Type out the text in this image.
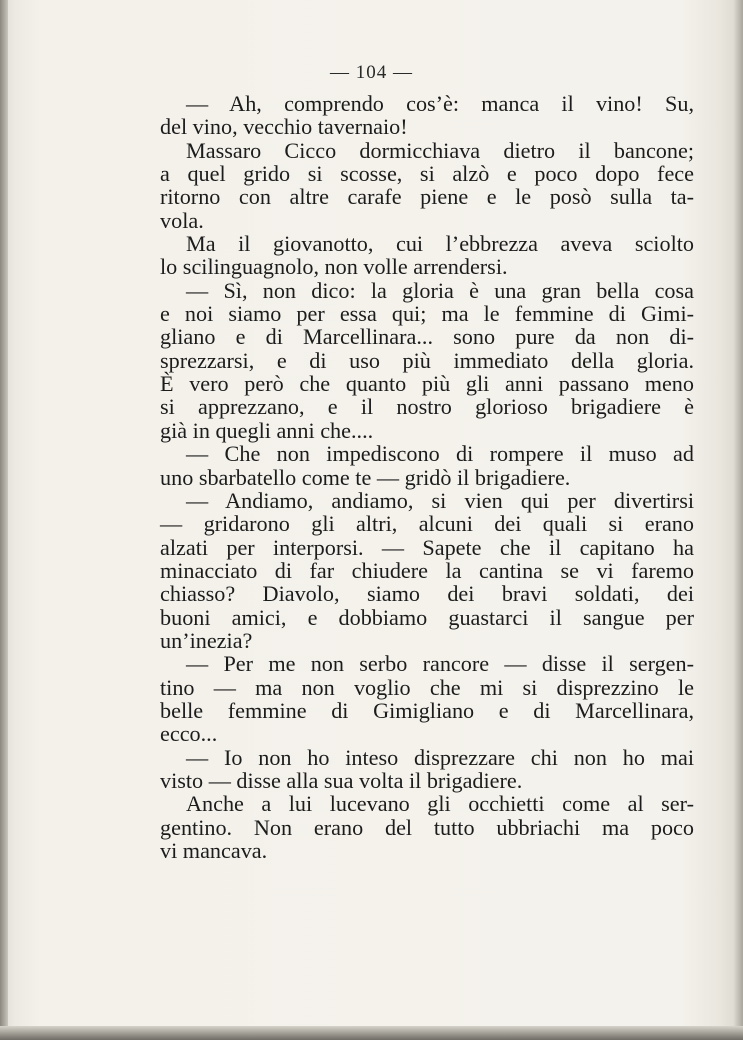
— 104 —
— Ah, comprendo cos’è: manca il vino! Su,
del vino, vecchio tavernaio!
Massaro Cicco dormicchiava dietro il bancone;
a quel grido si scosse, si alzò e poco dopo fece
ritorno con altre carafe piene e le posò sulla ta-
vola.
Ma il giovanotto, cui l’ebbrezza aveva sciolto
lo scilinguagnolo, non volle arrendersi.
— Sì, non dico: la gloria è una gran bella cosa
e noi siamo per essa qui; ma le femmine di Gimi-
gliano e di Marcellinara... sono pure da non di-
sprezzarsi, e di uso più immediato della gloria.
È vero però che quanto più gli anni passano meno
si apprezzano, e il nostro glorioso brigadiere è
già in quegli anni che....
— Che non impediscono di rompere il muso ad
uno sbarbatello come te — gridò il brigadiere.
— Andiamo, andiamo, si vien qui per divertirsi
— gridarono gli altri, alcuni dei quali si erano
alzati per interporsi. — Sapete che il capitano ha
minacciato di far chiudere la cantina se vi faremo
chiasso? Diavolo, siamo dei bravi soldati, dei
buoni amici, e dobbiamo guastarci il sangue per
un’inezia?
— Per me non serbo rancore — disse il sergen-
tino — ma non voglio che mi si disprezzino le
belle femmine di Gimigliano e di Marcellinara,
ecco...
— Io non ho inteso disprezzare chi non ho mai
visto — disse alla sua volta il brigadiere.
Anche a lui lucevano gli occhietti come al ser-
gentino. Non erano del tutto ubbriachi ma poco
vi mancava.
